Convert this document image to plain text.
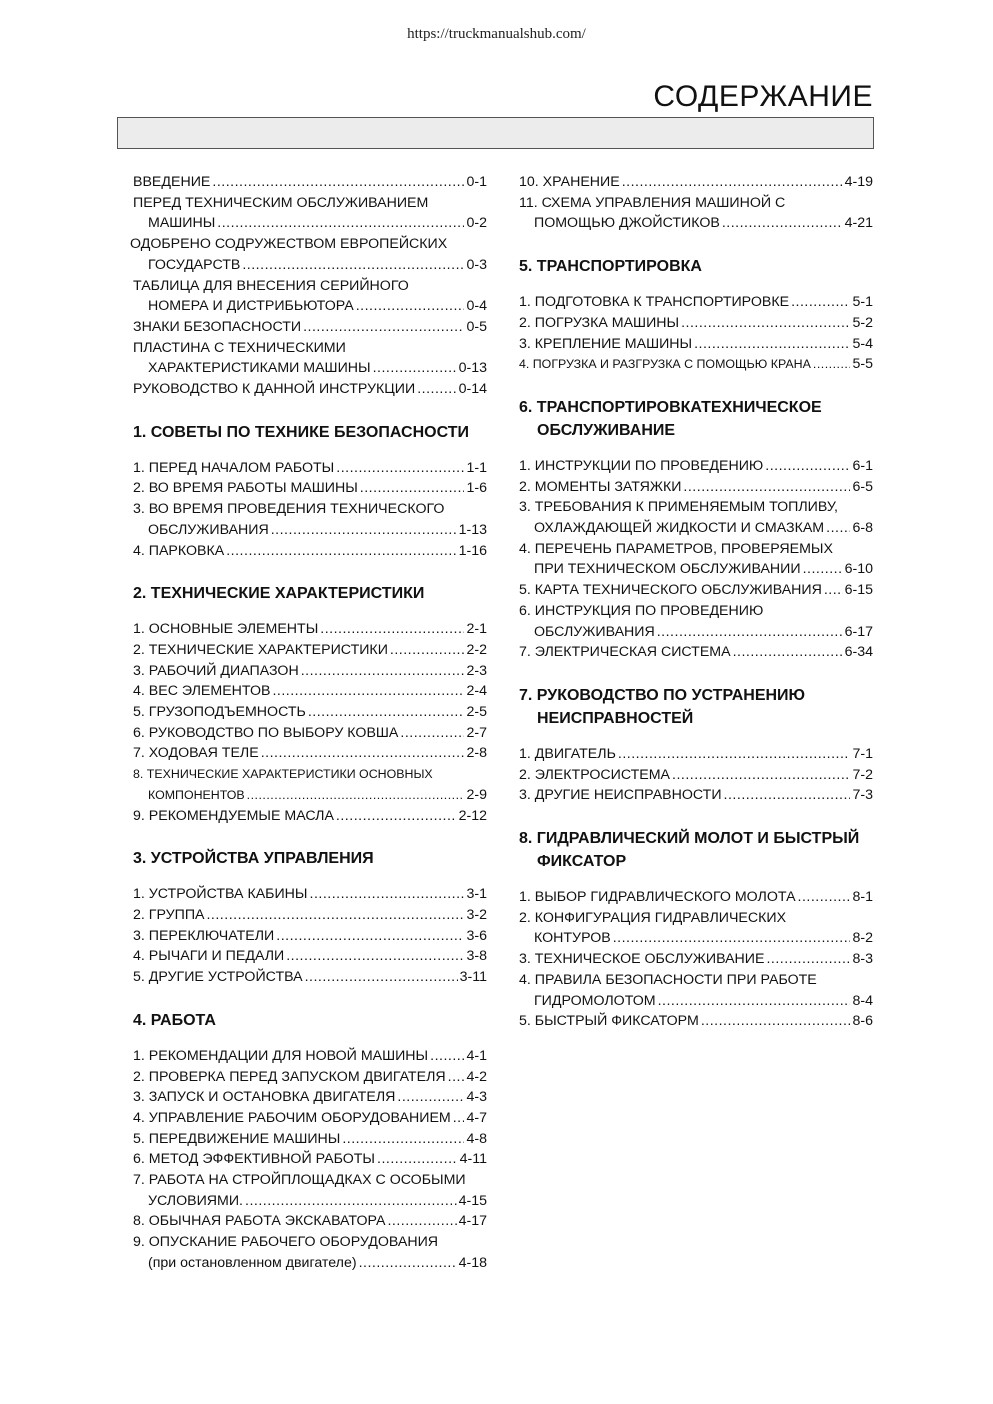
https://truckmanualshub.com/
СОДЕРЖАНИЕ
ВВЕДЕНИЕ .....	0-1
ПЕРЕД ТЕХНИЧЕСКИМ ОБСЛУЖИВАНИЕМ
МАШИНЫ .....	0-2
ОДОБРЕНО СОДРУЖЕСТВОМ ЕВРОПЕЙСКИХ
ГОСУДАРСТВ .....	0-3
ТАБЛИЦА ДЛЯ ВНЕСЕНИЯ СЕРИЙНОГО
НОМЕРА И ДИСТРИБЬЮТОРА .....	0-4
ЗНАКИ БЕЗОПАСНОСТИ .....	0-5
ПЛАСТИНА С ТЕХНИЧЕСКИМИ
ХАРАКТЕРИСТИКАМИ МАШИНЫ .....	0-13
РУКОВОДСТВО К ДАННОЙ ИНСТРУКЦИИ .....	0-14
1. СОВЕТЫ ПО ТЕХНИКЕ БЕЗОПАСНОСТИ
1. ПЕРЕД НАЧАЛОМ РАБОТЫ .....	1-1
2. ВО ВРЕМЯ РАБОТЫ МАШИНЫ .....	1-6
3. ВО ВРЕМЯ ПРОВЕДЕНИЯ ТЕХНИЧЕСКОГО
ОБСЛУЖИВАНИЯ .....	1-13
4. ПАРКОВКА .....	1-16
2. ТЕХНИЧЕСКИЕ ХАРАКТЕРИСТИКИ
1. ОСНОВНЫЕ ЭЛЕМЕНТЫ .....	2-1
2. ТЕХНИЧЕСКИЕ ХАРАКТЕРИСТИКИ .....	2-2
3. РАБОЧИЙ ДИАПАЗОН .....	2-3
4. ВЕС ЭЛЕМЕНТОВ .....	2-4
5. ГРУЗОПОДЪЕМНОСТЬ .....	2-5
6. РУКОВОДСТВО ПО ВЫБОРУ КОВША .....	2-7
7. ХОДОВАЯ ТЕЛЕ .....	2-8
8. ТЕХНИЧЕСКИЕ ХАРАКТЕРИСТИКИ ОСНОВНЫХ
КОМПОНЕНТОВ .....	2-9
9. РЕКОМЕНДУЕМЫЕ МАСЛА .....	2-12
3. УСТРОЙСТВА УПРАВЛЕНИЯ
1. УСТРОЙСТВА КАБИНЫ .....	3-1
2. ГРУППА .....	3-2
3. ПЕРЕКЛЮЧАТЕЛИ .....	3-6
4. РЫЧАГИ И ПЕДАЛИ .....	3-8
5. ДРУГИЕ УСТРОЙСТВА .....	3-11
4. РАБОТА
1. РЕКОМЕНДАЦИИ ДЛЯ НОВОЙ МАШИНЫ .....	4-1
2. ПРОВЕРКА ПЕРЕД ЗАПУСКОМ ДВИГАТЕЛЯ ..... 4-2
3. ЗАПУСК И ОСТАНОВКА ДВИГАТЕЛЯ .....	4-3
4. УПРАВЛЕНИЕ РАБОЧИМ ОБОРУДОВАНИЕМ ..... 4-7
5. ПЕРЕДВИЖЕНИЕ МАШИНЫ .....	4-8
6. МЕТОД ЭФФЕКТИВНОЙ РАБОТЫ .....	4-11
7. РАБОТА НА СТРОЙПЛОЩАДКАХ С ОСОБЫМИ
УСЛОВИЯМИ. .....	4-15
8. ОБЫЧНАЯ РАБОТА ЭКСКАВАТОРА .....	4-17
9. ОПУСКАНИЕ РАБОЧЕГО ОБОРУДОВАНИЯ
(при остановленном двигателе) .....	4-18
10. ХРАНЕНИЕ .....	4-19
11. СХЕМА УПРАВЛЕНИЯ МАШИНОЙ С
ПОМОЩЬЮ ДЖОЙСТИКОВ .....	4-21
5. ТРАНСПОРТИРОВКА
1. ПОДГОТОВКА К ТРАНСПОРТИРОВКЕ .....	5-1
2. ПОГРУЗКА МАШИНЫ .....	5-2
3. КРЕПЛЕНИЕ МАШИНЫ .....	5-4
4. ПОГРУЗКА И РАЗГРУЗКА С ПОМОЩЬЮ КРАНА .....	5-5
6. ТРАНСПОРТИРОВКАТЕХНИЧЕСКОЕ ОБСЛУЖИВАНИЕ
1. ИНСТРУКЦИИ ПО ПРОВЕДЕНИЮ .....	6-1
2. МОМЕНТЫ ЗАТЯЖКИ .....	6-5
3. ТРЕБОВАНИЯ К ПРИМЕНЯЕМЫМ ТОПЛИВУ,
ОХЛАЖДАЮЩЕЙ ЖИДКОСТИ И СМАЗКАМ ..... 6-8
4. ПЕРЕЧЕНЬ ПАРАМЕТРОВ, ПРОВЕРЯЕМЫХ
ПРИ ТЕХНИЧЕСКОМ ОБСЛУЖИВАНИИ .....	6-10
5. КАРТА ТЕХНИЧЕСКОГО ОБСЛУЖИВАНИЯ ..... 6-15
6. ИНСТРУКЦИЯ ПО ПРОВЕДЕНИЮ
ОБСЛУЖИВАНИЯ .....	6-17
7. ЭЛЕКТРИЧЕСКАЯ СИСТЕМА .....	6-34
7. РУКОВОДСТВО ПО УСТРАНЕНИЮ НЕИСПРАВНОСТЕЙ
1. ДВИГАТЕЛЬ .....	7-1
2. ЭЛЕКТРОСИСТЕМА .....	7-2
3. ДРУГИЕ НЕИСПРАВНОСТИ .....	7-3
8. ГИДРАВЛИЧЕСКИЙ МОЛОТ И БЫСТРЫЙ ФИКСАТОР
1. ВЫБОР ГИДРАВЛИЧЕСКОГО МОЛОТА .....	8-1
2. КОНФИГУРАЦИЯ ГИДРАВЛИЧЕСКИХ
КОНТУРОВ .....	8-2
3. ТЕХНИЧЕСКОЕ ОБСЛУЖИВАНИЕ .....	8-3
4. ПРАВИЛА БЕЗОПАСНОСТИ ПРИ РАБОТЕ
ГИДРОМОЛОТОМ .....	8-4
5. БЫСТРЫЙ ФИКСАТОРМ .....	8-6
